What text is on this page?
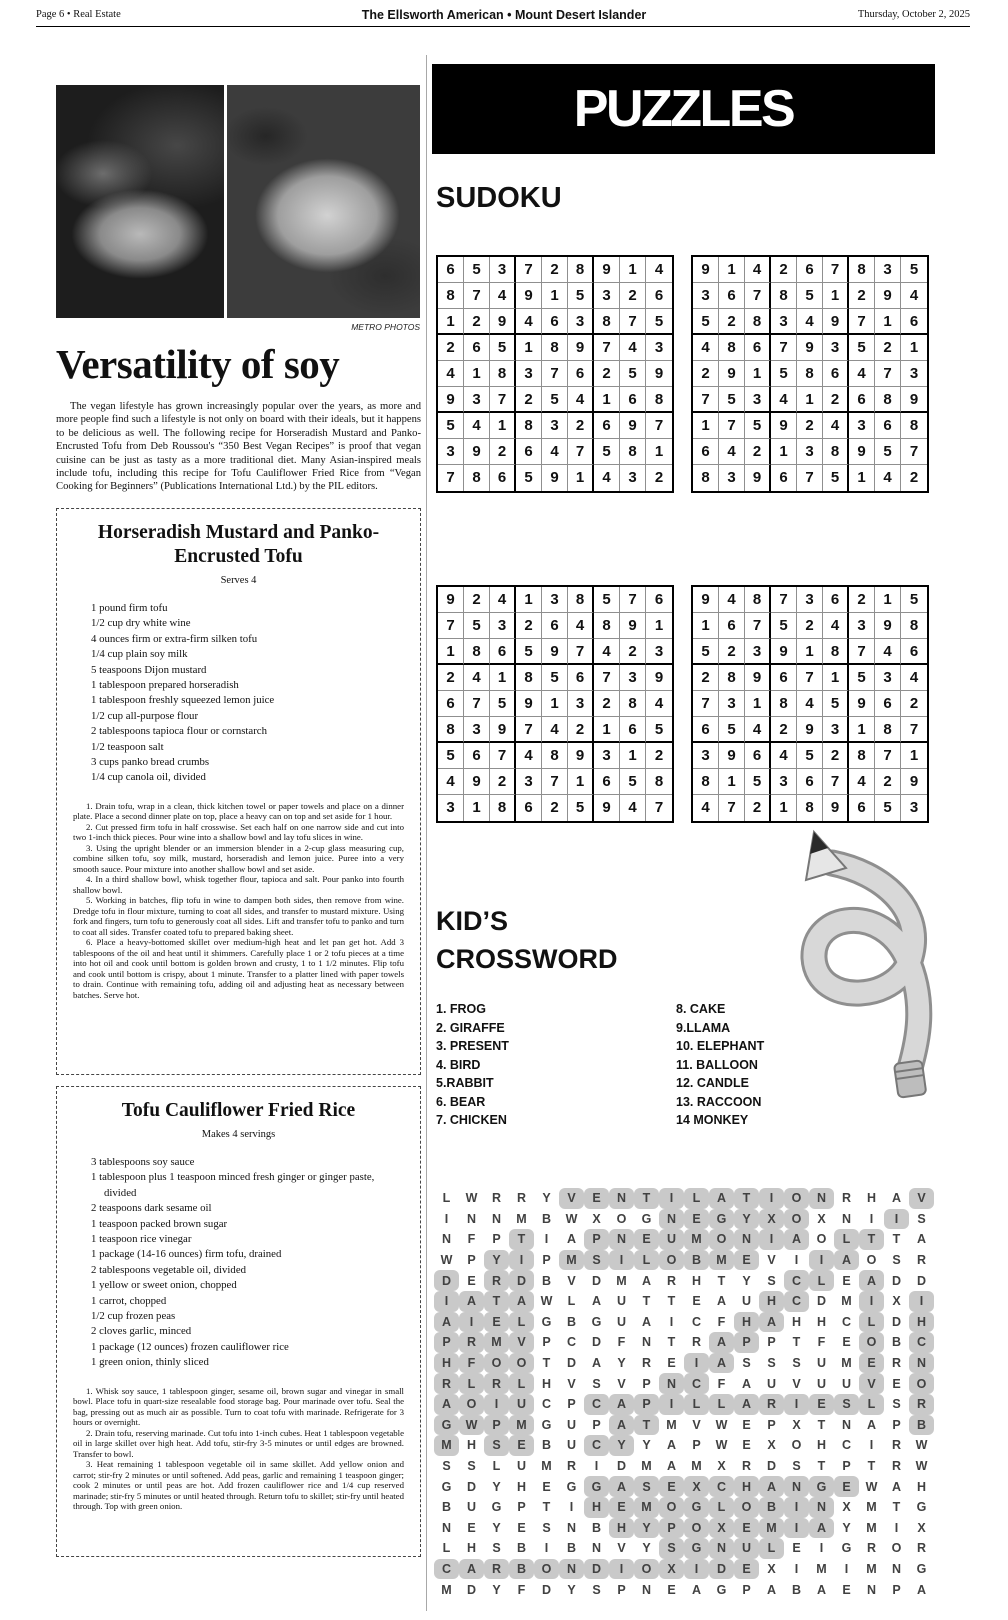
Page 6 • Real Estate	The Ellsworth American • Mount Desert Islander	Thursday, October 2, 2025
METRO PHOTOS
Versatility of soy
The vegan lifestyle has grown increasingly popular over the years, as more and more people find such a lifestyle is not only on board with their ideals, but it happens to be delicious as well. The following recipe for Horseradish Mustard and Panko-Encrusted Tofu from Deb Roussou's “350 Best Vegan Recipes” is proof that vegan cuisine can be just as tasty as a more traditional diet. Many Asian-inspired meals include tofu, including this recipe for Tofu Cauliflower Fried Rice from “Vegan Cooking for Beginners” (Publications International Ltd.) by the PIL editors.
Horseradish Mustard and Panko-Encrusted Tofu
Serves 4
1 pound firm tofu
1/2 cup dry white wine
4 ounces firm or extra-firm silken tofu
1/4 cup plain soy milk
5 teaspoons Dijon mustard
1 tablespoon prepared horseradish
1 tablespoon freshly squeezed lemon juice
1/2 cup all-purpose flour
2 tablespoons tapioca flour or cornstarch
1/2 teaspoon salt
3 cups panko bread crumbs
1/4 cup canola oil, divided
1. Drain tofu, wrap in a clean, thick kitchen towel or paper towels and place on a dinner plate. Place a second dinner plate on top, place a heavy can on top and set aside for 1 hour.
2. Cut pressed firm tofu in half crosswise. Set each half on one narrow side and cut into two 1-inch thick pieces. Pour wine into a shallow bowl and lay tofu slices in wine.
3. Using the upright blender or an immersion blender in a 2-cup glass measuring cup, combine silken tofu, soy milk, mustard, horseradish and lemon juice. Puree into a very smooth sauce. Pour mixture into another shallow bowl and set aside.
4. In a third shallow bowl, whisk together flour, tapioca and salt. Pour panko into fourth shallow bowl.
5. Working in batches, flip tofu in wine to dampen both sides, then remove from wine. Dredge tofu in flour mixture, turning to coat all sides, and transfer to mustard mixture. Using fork and fingers, turn tofu to generously coat all sides. Lift and transfer tofu to panko and turn to coat all sides. Transfer coated tofu to prepared baking sheet.
6. Place a heavy-bottomed skillet over medium-high heat and let pan get hot. Add 3 tablespoons of the oil and heat until it shimmers. Carefully place 1 or 2 tofu pieces at a time into hot oil and cook until bottom is golden brown and crusty, 1 to 1 1/2 minutes. Flip tofu and cook until bottom is crispy, about 1 minute. Transfer to a platter lined with paper towels to drain. Continue with remaining tofu, adding oil and adjusting heat as necessary between batches. Serve hot.
Tofu Cauliflower Fried Rice
Makes 4 servings
3 tablespoons soy sauce
1 tablespoon plus 1 teaspoon minced fresh ginger or ginger paste, divided
2 teaspoons dark sesame oil
1 teaspoon packed brown sugar
1 teaspoon rice vinegar
1 package (14-16 ounces) firm tofu, drained
2 tablespoons vegetable oil, divided
1 yellow or sweet onion, chopped
1 carrot, chopped
1/2 cup frozen peas
2 cloves garlic, minced
1 package (12 ounces) frozen cauliflower rice
1 green onion, thinly sliced
1. Whisk soy sauce, 1 tablespoon ginger, sesame oil, brown sugar and vinegar in small bowl. Place tofu in quart-size resealable food storage bag. Pour marinade over tofu. Seal the bag, pressing out as much air as possible. Turn to coat tofu with marinade. Refrigerate for 3 hours or overnight.
2. Drain tofu, reserving marinade. Cut tofu into 1-inch cubes. Heat 1 tablespoon vegetable oil in large skillet over high heat. Add tofu, stir-fry 3-5 minutes or until edges are browned. Transfer to bowl.
3. Heat remaining 1 tablespoon vegetable oil in same skillet. Add yellow onion and carrot; stir-fry 2 minutes or until softened. Add peas, garlic and remaining 1 teaspoon ginger; cook 2 minutes or until peas are hot. Add frozen cauliflower rice and 1/4 cup reserved marinade; stir-fry 5 minutes or until heated through. Return tofu to skillet; stir-fry until heated through. Top with green onion.
PUZZLES SOLUTIONS
SUDOKU
6	5	3	7	2	8	9	1	4
8	7	4	9	1	5	3	2	6
1	2	9	4	6	3	8	7	5
2	6	5	1	8	9	7	4	3
4	1	8	3	7	6	2	5	9
9	3	7	2	5	4	1	6	8
5	4	1	8	3	2	6	9	7
3	9	2	6	4	7	5	8	1
7	8	6	5	9	1	4	3	2
9	1	4	2	6	7	8	3	5
3	6	7	8	5	1	2	9	4
5	2	8	3	4	9	7	1	6
4	8	6	7	9	3	5	2	1
2	9	1	5	8	6	4	7	3
7	5	3	4	1	2	6	8	9
1	7	5	9	2	4	3	6	8
6	4	2	1	3	8	9	5	7
8	3	9	6	7	5	1	4	2
9	2	4	1	3	8	5	7	6
7	5	3	2	6	4	8	9	1
1	8	6	5	9	7	4	2	3
2	4	1	8	5	6	7	3	9
6	7	5	9	1	3	2	8	4
8	3	9	7	4	2	1	6	5
5	6	7	4	8	9	3	1	2
4	9	2	3	7	1	6	5	8
3	1	8	6	2	5	9	4	7
9	4	8	7	3	6	2	1	5
1	6	7	5	2	4	3	9	8
5	2	3	9	1	8	7	4	6
2	8	9	6	7	1	5	3	4
7	3	1	8	4	5	9	6	2
6	5	4	2	9	3	1	8	7
3	9	6	4	5	2	8	7	1
8	1	5	3	6	7	4	2	9
4	7	2	1	8	9	6	5	3
KID’S
CROSSWORD
1. FROG
2. GIRAFFE
3. PRESENT
4. BIRD
5.RABBIT
6. BEAR
7. CHICKEN
8. CAKE
9.LLAMA
10. ELEPHANT
11. BALLOON
12. CANDLE
13. RACCOON
14 MONKEY
L	W	R	R	Y	V	E	N	T	I	L	A	T	I	O	N	R	H	A	V
I	N	N	M	B	W	X	O	G	N	E	G	Y	X	O	X	N	I	I	S
N	F	P	T	I	A	P	N	E	U	M	O	N	I	A	O	L	T	T	A
W	P	Y	I	P	M	S	I	L	O	B	M	E	V	I	I	A	O	S	R
D	E	R	D	B	V	D	M	A	R	H	T	Y	S	C	L	E	A	D	D
I	A	T	A	W	L	A	U	T	T	E	A	U	H	C	D	M	I	X	I
A	I	E	L	G	B	G	U	A	I	C	F	H	A	H	H	C	L	D	H
P	R	M	V	P	C	D	F	N	T	R	A	P	P	T	F	E	O	B	C
H	F	O	O	T	D	A	Y	R	E	I	A	S	S	S	U	M	E	R	N
R	L	R	L	H	V	S	V	P	N	C	F	A	U	V	U	U	V	E	O
A	O	I	U	C	P	C	A	P	I	L	L	A	R	I	E	S	L	S	R
G	W	P	M	G	U	P	A	T	M	V	W	E	P	X	T	N	A	P	B
M	H	S	E	B	U	C	Y	Y	A	P	W	E	X	O	H	C	I	R	W
S	S	L	U	M	R	I	D	M	A	M	X	R	D	S	T	P	T	R	W
G	D	Y	H	E	G	G	A	S	E	X	C	H	A	N	G	E	W	A	H
B	U	G	P	T	I	H	E	M	O	G	L	O	B	I	N	X	M	T	G
N	E	Y	E	S	N	B	H	Y	P	O	X	E	M	I	A	Y	M	I	X
L	H	S	B	I	B	N	V	Y	S	G	N	U	L	E	I	G	R	O	R
C	A	R	B	O	N	D	I	O	X	I	D	E	X	I	M	I	M	N	G
M	D	Y	F	D	Y	S	P	N	E	A	G	P	A	B	A	E	N	P	A
